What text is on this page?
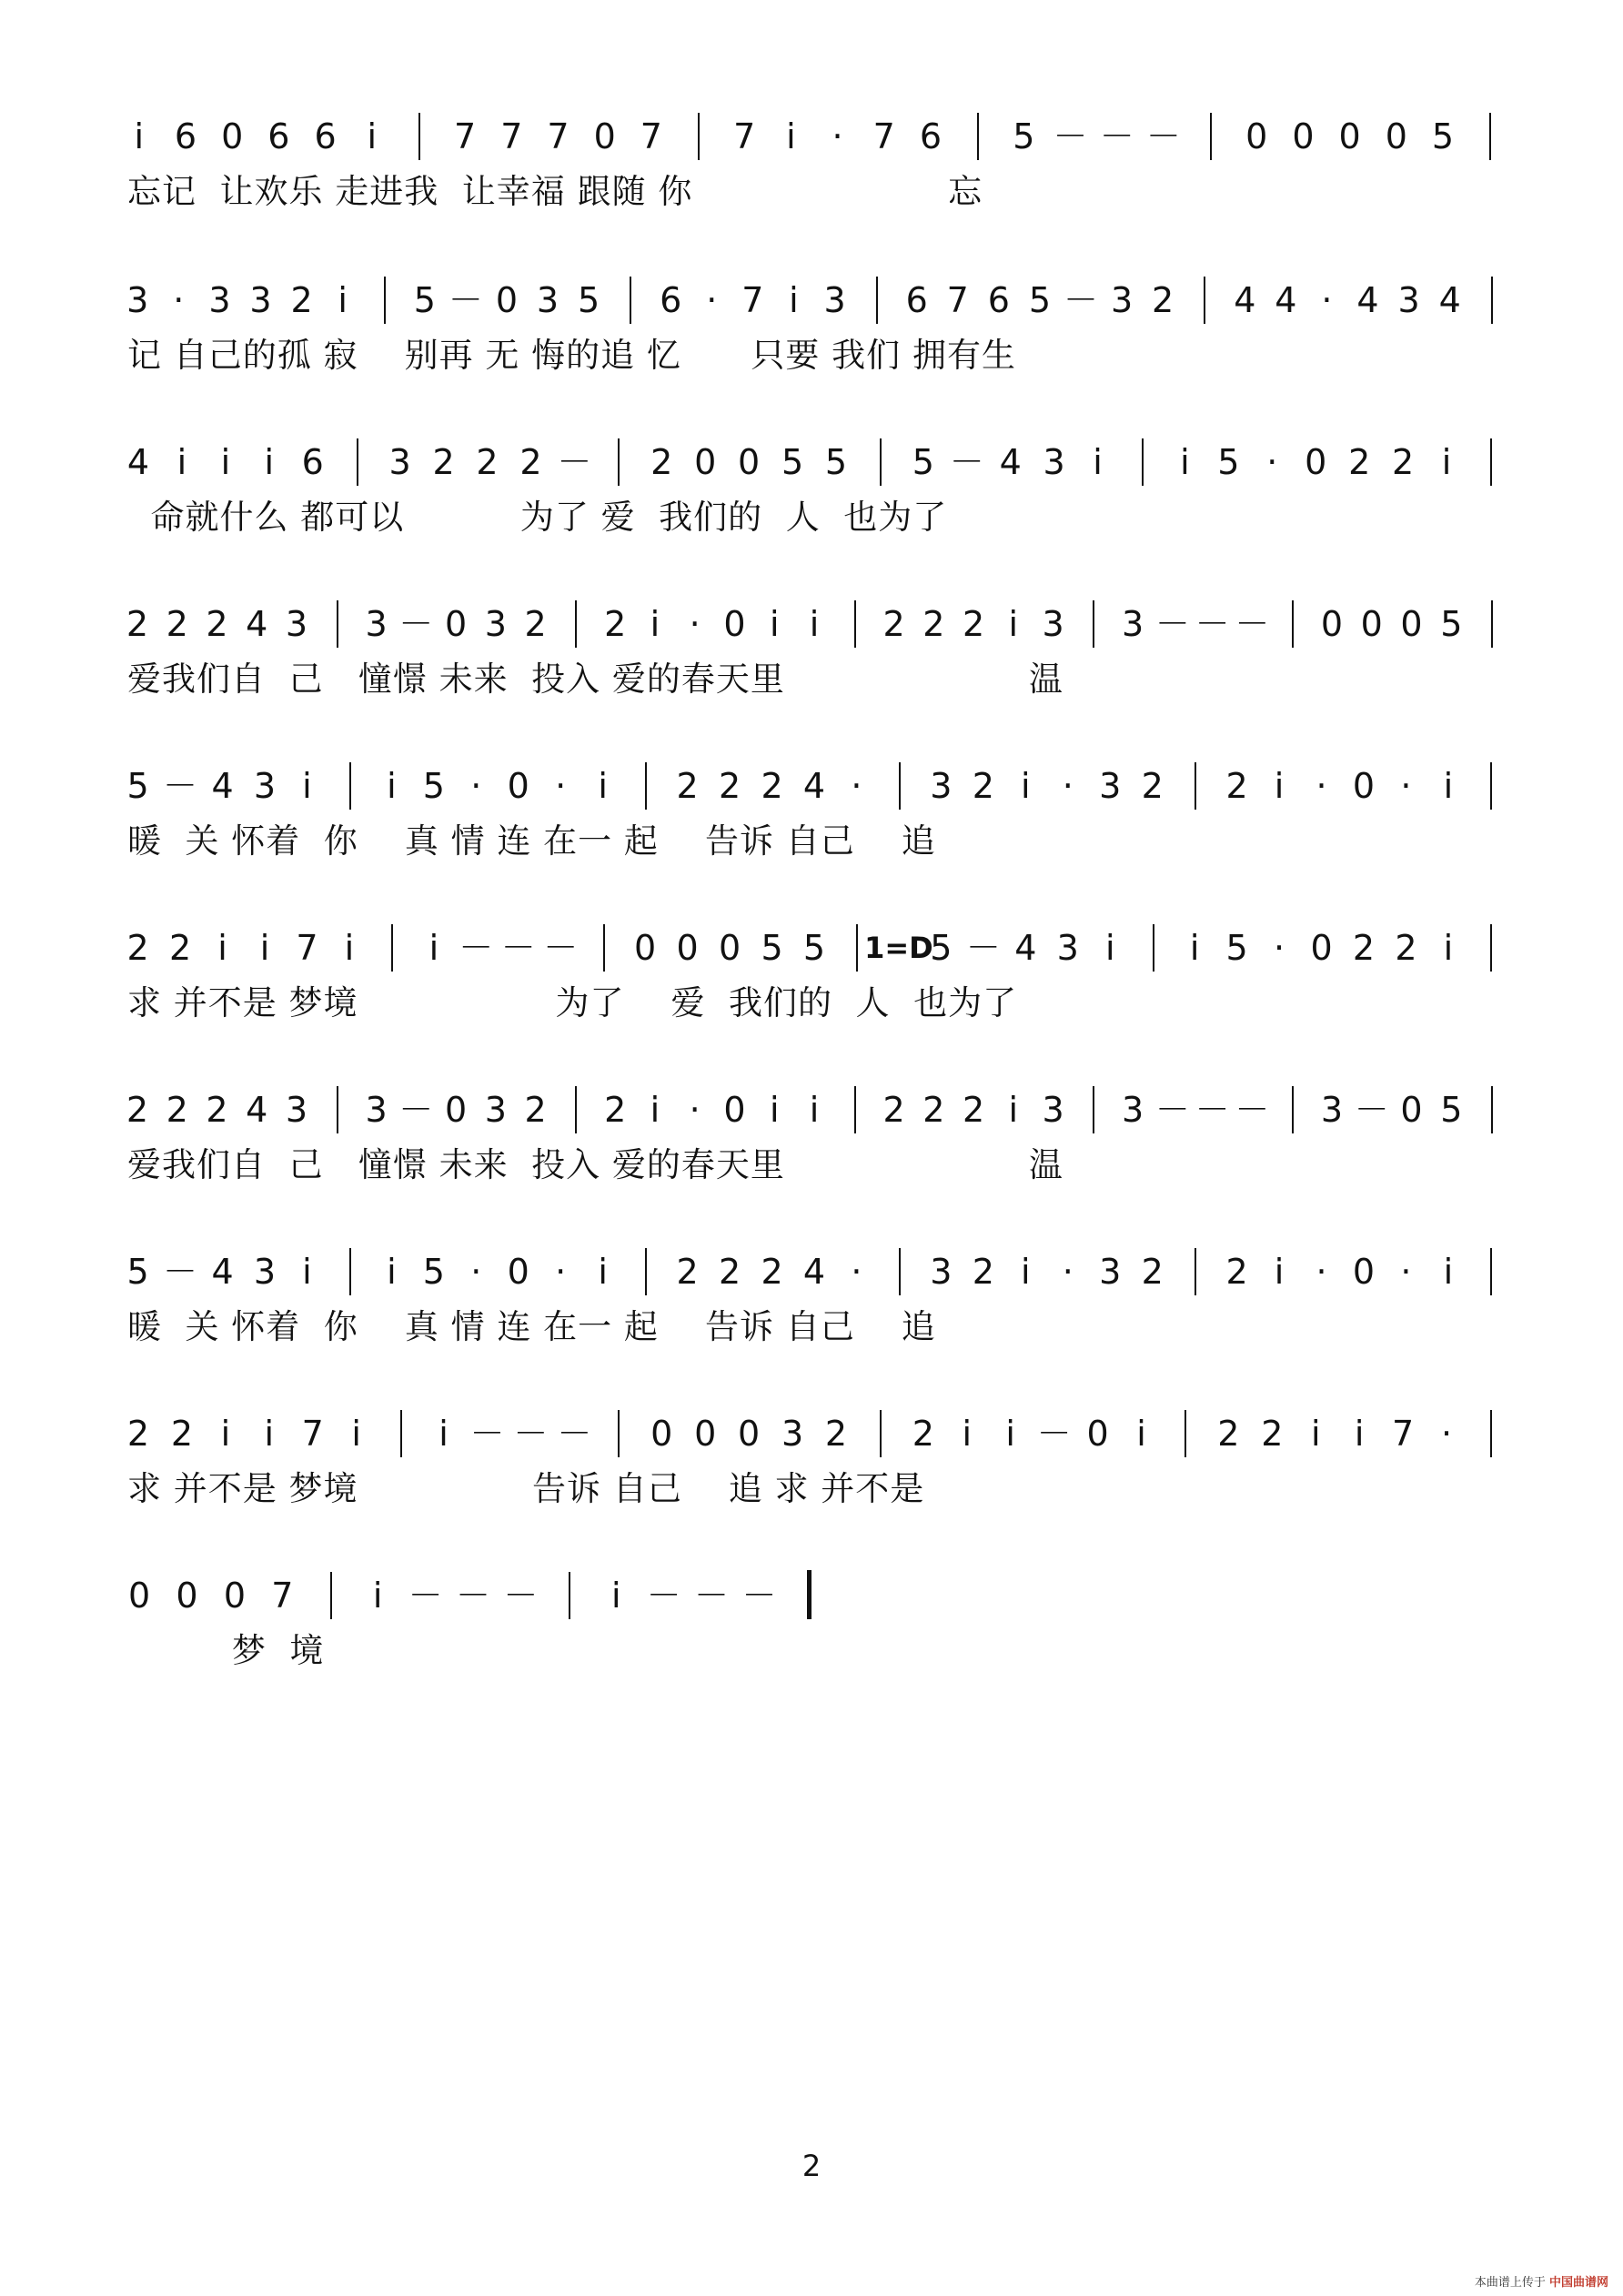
i 6 0 6 6 i 7 7 7 0 7 7 i · 7 6 5 － － － 0 0 0 0 5
忘记  让欢乐 走进我  让幸福 跟随 你                      忘
3 · 3 3 2 i 5 － 0 3 5 6 · 7 i 3 6 7 6 5 － 3 2 4 4 · 4 3 4
记 自己的孤 寂    别再 无 悔的追 忆      只要 我们 拥有生
4 i i i 6 3 2 2 2 － 2 0 0 5 5 5 － 4 3 i i 5 · 0 2 2 i
命就什么 都可以          为了 爱  我们的  人  也为了
2 2 2 4 3 3 － 0 3 2 2 i · 0 i i 2 2 2 i 3 3 － － － 0 0 0 5
爱我们自  己   憧憬 未来  投入 爱的春天里                     温
5 － 4 3 i i 5 · 0 · i 2 2 2 4 · 3 2 i · 3 2 2 i · 0 · i
暖  关 怀着  你    真 情 连 在一 起    告诉 自己    追
2 2 i i 7 i i － － － 0 0 0 5 5 1=D
5 － 4 3 i i 5 · 0 2 2 i
求 并不是 梦境                 为了    爱  我们的  人  也为了
2 2 2 4 3 3 － 0 3 2 2 i · 0 i i 2 2 2 i 3 3 － － － 3 － 0 5
爱我们自  己   憧憬 未来  投入 爱的春天里                     温
5 － 4 3 i i 5 · 0 · i 2 2 2 4 · 3 2 i · 3 2 2 i · 0 · i
暖  关 怀着  你    真 情 连 在一 起    告诉 自己    追
2 2 i i 7 i i － － － 0 0 0 3 2 2 i i － 0 i 2 2 i i 7 ·
求 并不是 梦境               告诉 自己    追 求 并不是
0 0 0 7 i － － － i － － －
梦  境
2
本曲谱上传于 中国曲谱网
